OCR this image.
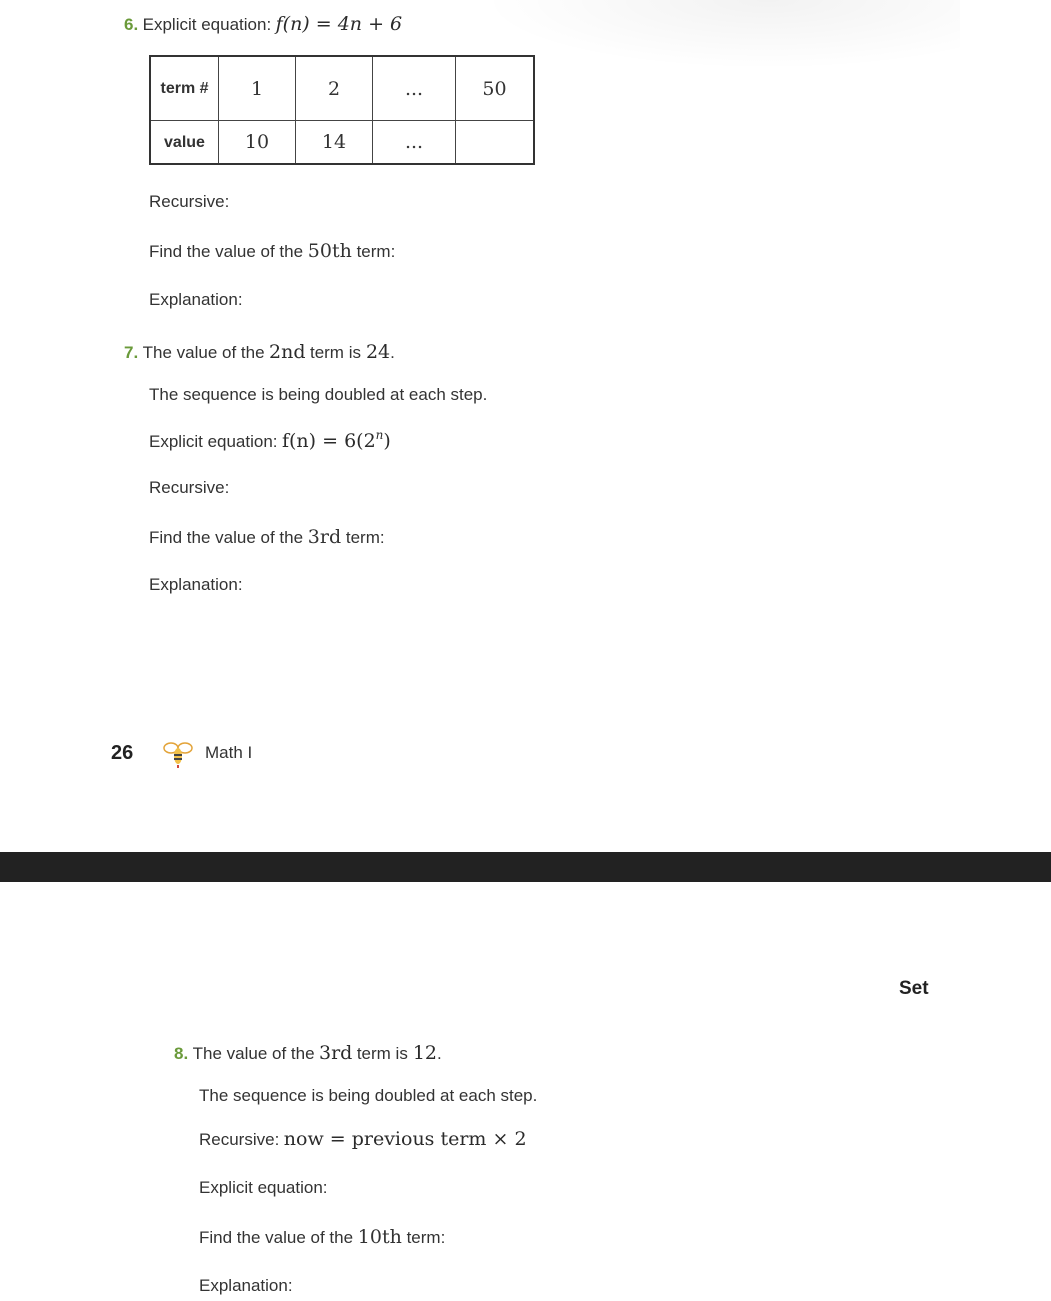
6. Explicit equation: f(n) = 4n + 6
term #	1	2	...	50
value	10	14	...	
Recursive:
Find the value of the 50th term:
Explanation:
7. The value of the 2nd term is 24.
The sequence is being doubled at each step.
Explicit equation: $f(n) = 6(2^n)$
Recursive:
Find the value of the 3rd term:
Explanation:
26	Math I
Set
8. The value of the 3rd term is 12.
The sequence is being doubled at each step.
Recursive: now = previous term × 2
Explicit equation:
Find the value of the 10th term:
Explanation:
